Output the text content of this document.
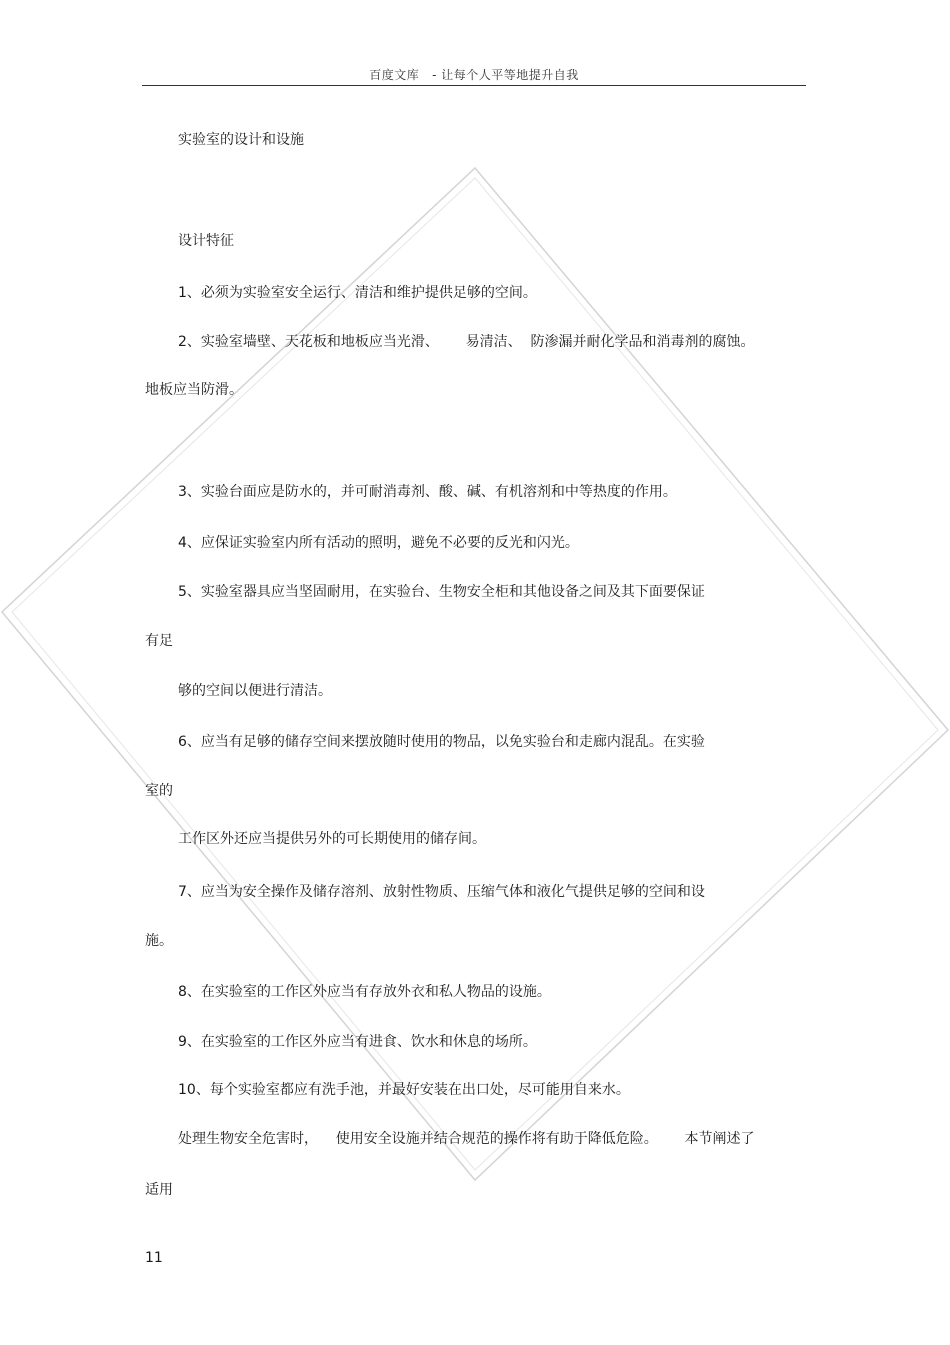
百度文库   - 让每个人平等地提升自我
实验室的设计和设施
设计特征
1、必须为实验室安全运行、清洁和维护提供足够的空间。
2、实验室墙壁、天花板和地板应当光滑、      易清洁、  防渗漏并耐化学品和消毒剂的腐蚀。
地板应当防滑。
3、实验台面应是防水的，并可耐消毒剂、酸、碱、有机溶剂和中等热度的作用。
4、应保证实验室内所有活动的照明，避免不必要的反光和闪光。
5、实验室器具应当坚固耐用，在实验台、生物安全柜和其他设备之间及其下面要保证
有足
够的空间以便进行清洁。
6、应当有足够的储存空间来摆放随时使用的物品，以免实验台和走廊内混乱。在实验
室的
工作区外还应当提供另外的可长期使用的储存间。
7、应当为安全操作及储存溶剂、放射性物质、压缩气体和液化气提供足够的空间和设
施。
8、在实验室的工作区外应当有存放外衣和私人物品的设施。
9、在实验室的工作区外应当有进食、饮水和休息的场所。
10、每个实验室都应有洗手池，并最好安装在出口处，尽可能用自来水。
处理生物安全危害时，    使用安全设施并结合规范的操作将有助于降低危险。      本节阐述了
适用
11
